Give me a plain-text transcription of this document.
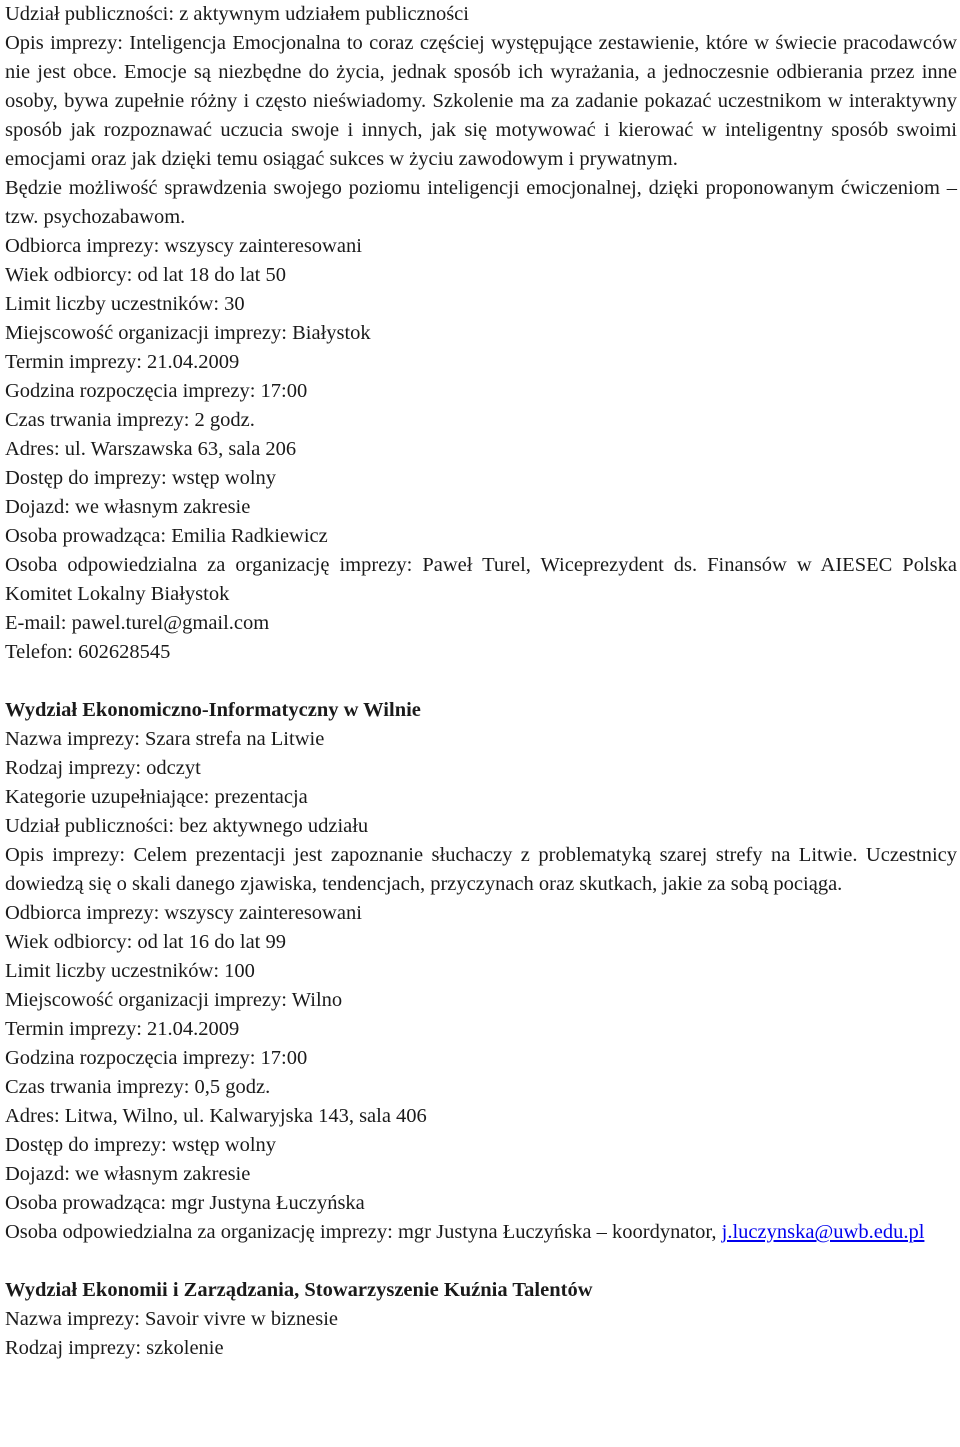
Udział publiczności: z aktywnym udziałem publiczności

Opis imprezy: Inteligencja Emocjonalna to coraz częściej występujące zestawienie, które w świecie pracodawców nie jest obce. Emocje są niezbędne do życia, jednak sposób ich wyrażania, a jednoczesnie odbierania przez inne osoby, bywa zupełnie różny i często nieświadomy. Szkolenie ma za zadanie pokazać uczestnikom w interaktywny sposób jak rozpoznawać uczucia swoje i innych, jak się motywować i kierować w inteligentny sposób swoimi emocjami oraz jak dzięki temu osiągać sukces w życiu zawodowym i prywatnym.

Będzie możliwość sprawdzenia swojego poziomu inteligencji emocjonalnej, dzięki proponowanym ćwiczeniom – tzw. psychozabawom.

Odbiorca imprezy: wszyscy zainteresowani

Wiek odbiorcy: od lat 18 do lat 50

Limit liczby uczestników: 30

Miejscowość organizacji imprezy: Białystok

Termin imprezy: 21.04.2009

Godzina rozpoczęcia imprezy: 17:00

Czas trwania imprezy: 2 godz.

Adres: ul. Warszawska 63, sala 206

Dostęp do imprezy: wstęp wolny

Dojazd: we własnym zakresie

Osoba prowadząca: Emilia Radkiewicz

Osoba odpowiedzialna za organizację imprezy: Paweł Turel, Wiceprezydent ds. Finansów w AIESEC Polska Komitet Lokalny Białystok

E-mail: pawel.turel@gmail.com

Telefon: 602628545

Wydział Ekonomiczno-Informatyczny w Wilnie

Nazwa imprezy: Szara strefa na Litwie

Rodzaj imprezy: odczyt

Kategorie uzupełniające: prezentacja

Udział publiczności: bez aktywnego udziału

Opis imprezy: Celem prezentacji jest zapoznanie słuchaczy z problematyką szarej strefy na Litwie. Uczestnicy dowiedzą się o skali danego zjawiska, tendencjach, przyczynach oraz skutkach, jakie za sobą pociąga.

Odbiorca imprezy: wszyscy zainteresowani

Wiek odbiorcy: od lat 16 do lat 99

Limit liczby uczestników: 100

Miejscowość organizacji imprezy: Wilno

Termin imprezy: 21.04.2009

Godzina rozpoczęcia imprezy: 17:00

Czas trwania imprezy: 0,5 godz.

Adres: Litwa, Wilno, ul. Kalwaryjska 143, sala 406

Dostęp do imprezy: wstęp wolny

Dojazd: we własnym zakresie

Osoba prowadząca: mgr Justyna Łuczyńska

Osoba odpowiedzialna za organizację imprezy: mgr Justyna Łuczyńska – koordynator, j.luczynska@uwb.edu.pl

Wydział Ekonomii i Zarządzania, Stowarzyszenie Kuźnia Talentów

Nazwa imprezy: Savoir vivre w biznesie

Rodzaj imprezy: szkolenie
